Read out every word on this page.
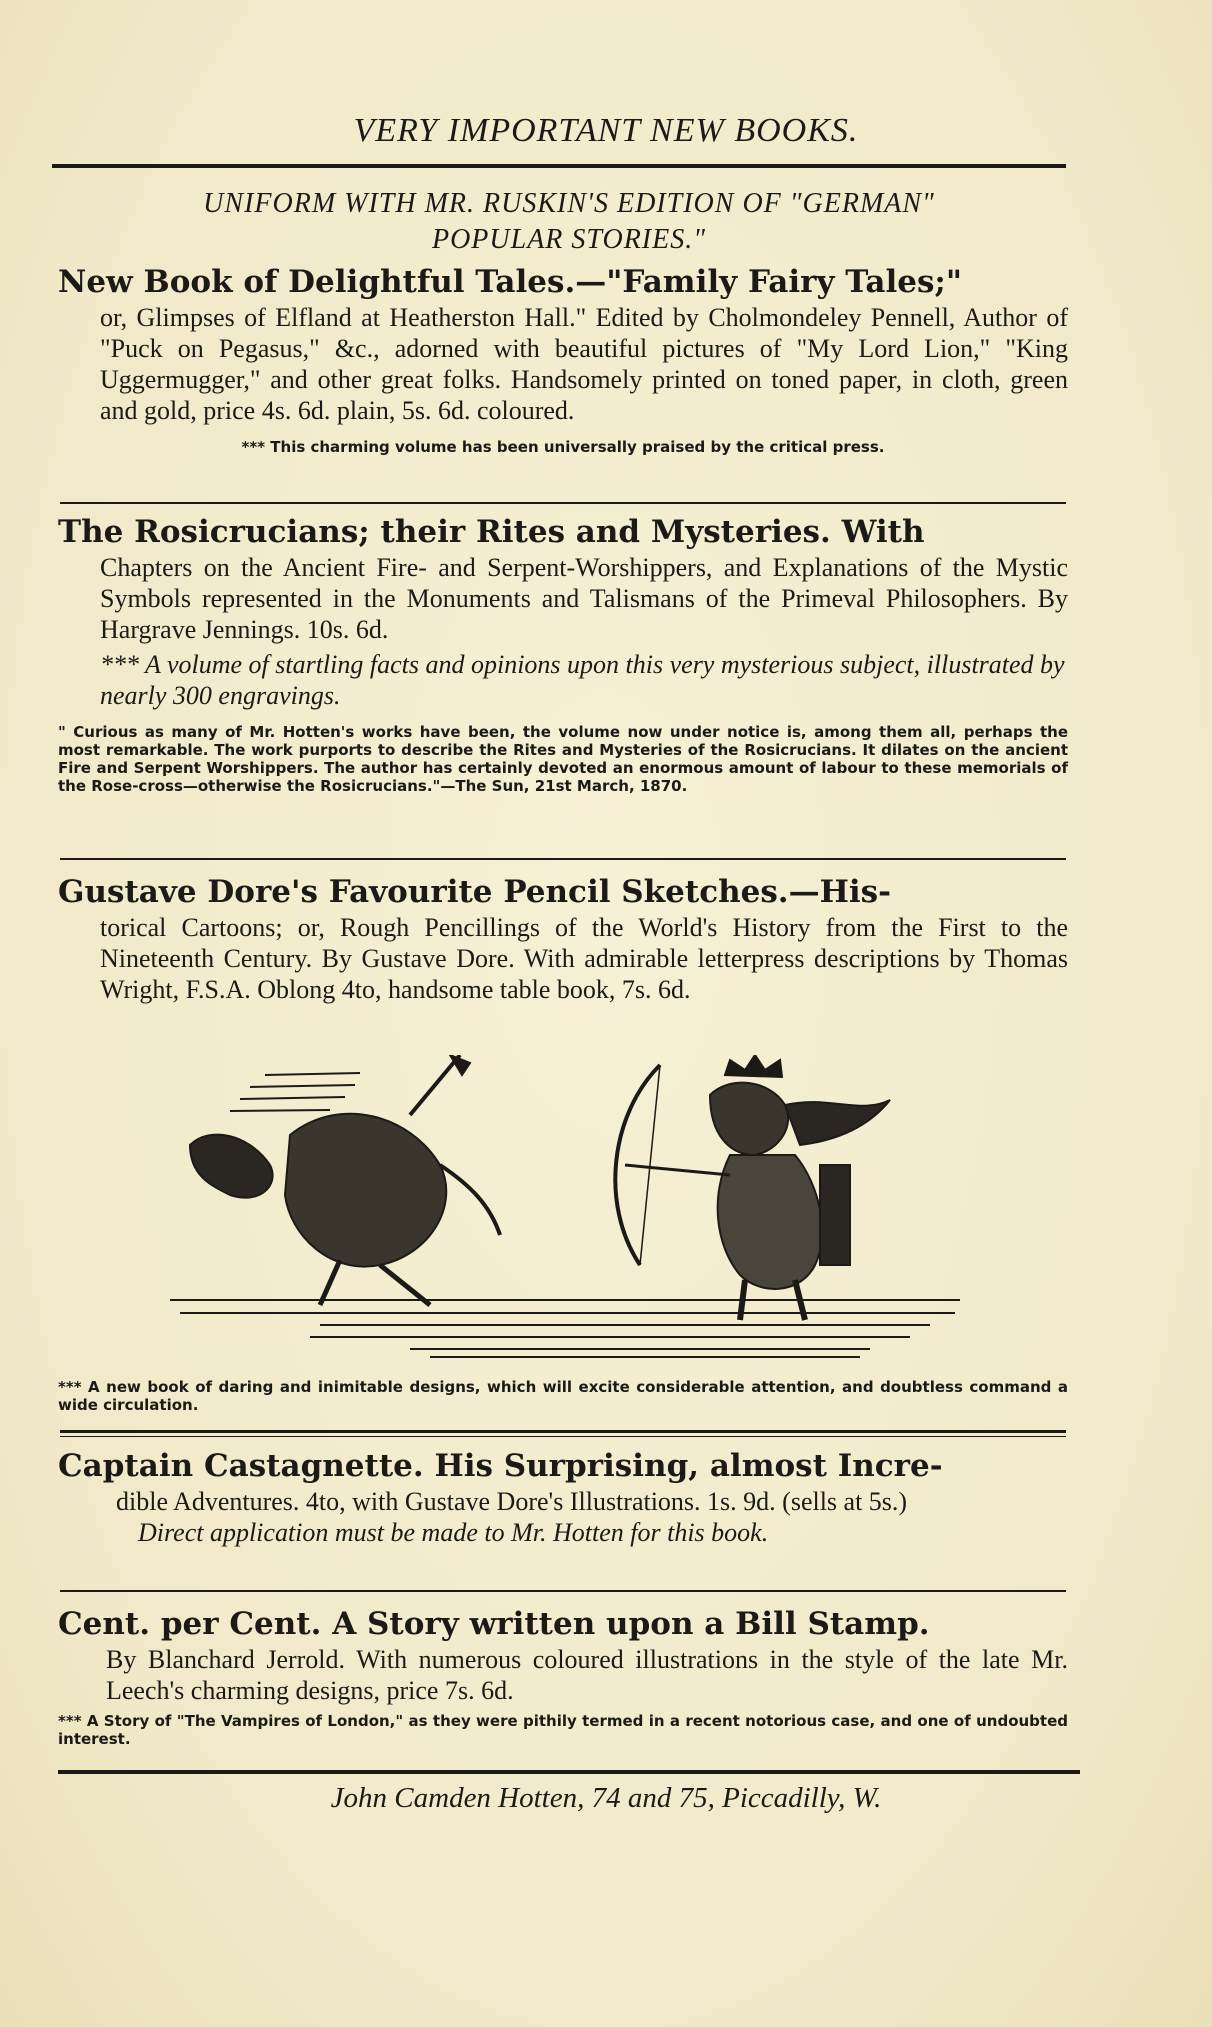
VERY IMPORTANT NEW BOOKS.
UNIFORM WITH MR. RUSKIN'S EDITION OF "GERMAN"
POPULAR STORIES."

New Book of Delightful Tales.—"Family Fairy Tales;"

or, Glimpses of Elfland at Heatherston Hall." Edited by Cholmondeley Pennell, Author of "Puck on Pegasus," &c., adorned with beautiful pictures of "My Lord Lion," "King Uggermugger," and other great folks. Handsomely printed on toned paper, in cloth, green and gold, price 4s. 6d. plain, 5s. 6d. coloured.

*** This charming volume has been universally praised by the critical press.

The Rosicrucians; their Rites and Mysteries. With

Chapters on the Ancient Fire- and Serpent-Worshippers, and Explanations of the Mystic Symbols represented in the Monuments and Talismans of the Primeval Philosophers. By Hargrave Jennings. 10s. 6d.

*** A volume of startling facts and opinions upon this very mysterious subject, illustrated by nearly 300 engravings.

" Curious as many of Mr. Hotten's works have been, the volume now under notice is, among them all, perhaps the most remarkable. The work purports to describe the Rites and Mysteries of the Rosicrucians. It dilates on the ancient Fire and Serpent Worshippers. The author has certainly devoted an enormous amount of labour to these memorials of the Rose-cross—otherwise the Rosicrucians."—The Sun, 21st March, 1870.

Gustave Dore's Favourite Pencil Sketches.—His-

torical Cartoons; or, Rough Pencillings of the World's History from the First to the Nineteenth Century. By Gustave Dore. With admirable letterpress descriptions by Thomas Wright, F.S.A. Oblong 4to, handsome table book, 7s. 6d.

*** A new book of daring and inimitable designs, which will excite considerable attention, and doubtless command a wide circulation.

Captain Castagnette. His Surprising, almost Incre-

dible Adventures. 4to, with Gustave Dore's Illustrations. 1s. 9d. (sells at 5s.)

Direct application must be made to Mr. Hotten for this book.

Cent. per Cent. A Story written upon a Bill Stamp.

By Blanchard Jerrold. With numerous coloured illustrations in the style of the late Mr. Leech's charming designs, price 7s. 6d.

*** A Story of "The Vampires of London," as they were pithily termed in a recent notorious case, and one of undoubted interest.

John Camden Hotten, 74 and 75, Piccadilly, W.
